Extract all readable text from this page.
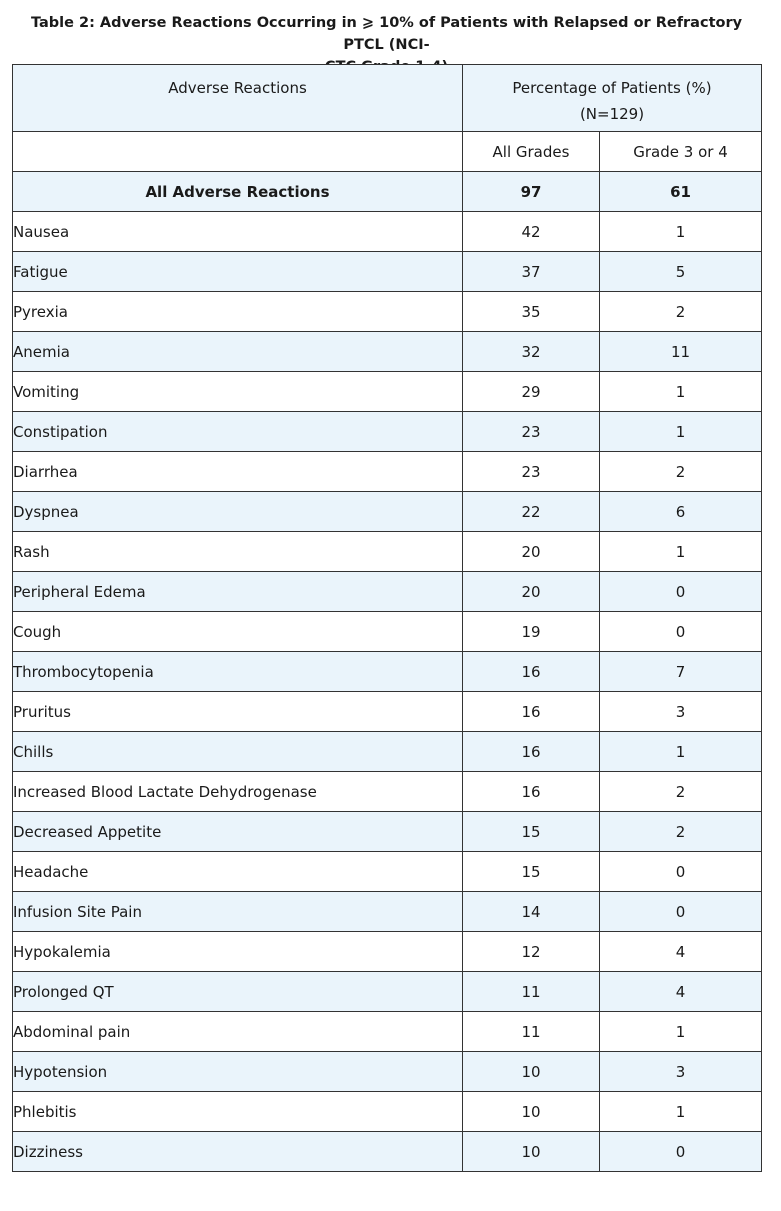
Table 2: Adverse Reactions Occurring in ⩾ 10% of Patients with Relapsed or Refractory PTCL (NCI-
Adverse Reactions	Percentage of Patients (%)
(N=129)	

	All Grades	Grade 3 or 4
All Adverse Reactions	97	61
Nausea	42	1
Fatigue	37	5
Pyrexia	35	2
Anemia	32	11
Vomiting	29	1
Constipation	23	1
Diarrhea	23	2
Dyspnea	22	6
Rash	20	1
Peripheral Edema	20	0
Cough	19	0
Thrombocytopenia	16	7
Pruritus	16	3
Chills	16	1
Increased Blood Lactate Dehydrogenase	16	2
Decreased Appetite	15	2
Headache	15	0
Infusion Site Pain	14	0
Hypokalemia	12	4
Prolonged QT	11	4
Abdominal pain	11	1
Hypotension	10	3
Phlebitis	10	1
Dizziness	10	0
